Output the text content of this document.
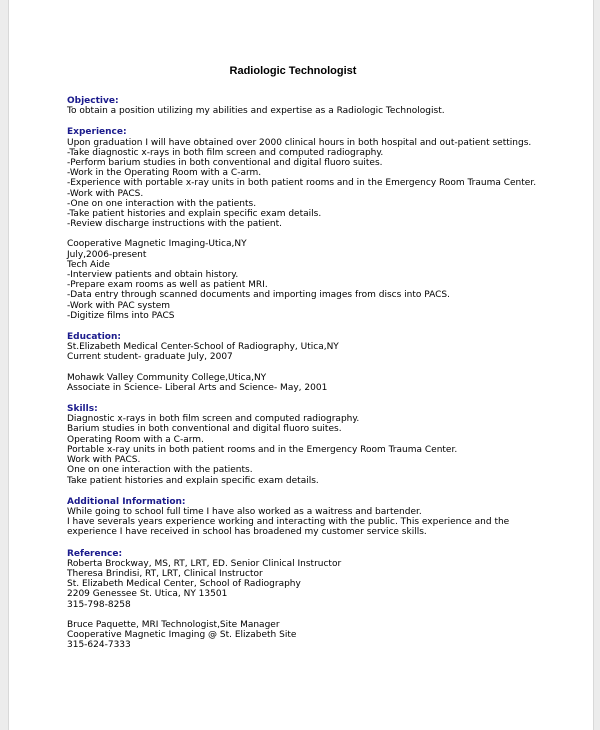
Radiologic Technologist
Objective:
To obtain a position utilizing my abilities and expertise as a Radiologic Technologist.
Experience:
Upon graduation I will have obtained over 2000 clinical hours in both hospital and out-patient settings.
-Take diagnostic x-rays in both film screen and computed radiography.
-Perform barium studies in both conventional and digital fluoro suites.
-Work in the Operating Room with a C-arm.
-Experience with portable x-ray units in both patient rooms and in the Emergency Room Trauma Center.
-Work with PACS.
-One on one interaction with the patients.
-Take patient histories and explain specific exam details.
-Review discharge instructions with the patient.
Cooperative Magnetic Imaging-Utica,NY
July,2006-present
Tech Aide
-Interview patients and obtain history.
-Prepare exam rooms as well as patient MRI.
-Data entry through scanned documents and importing images from discs into PACS.
-Work with PAC system
-Digitize films into PACS
Education:
St.Elizabeth Medical Center-School of Radiography, Utica,NY
Current student- graduate July, 2007
Mohawk Valley Community College,Utica,NY
Associate in Science- Liberal Arts and Science- May, 2001
Skills:
Diagnostic x-rays in both film screen and computed radiography.
Barium studies in both conventional and digital fluoro suites.
Operating Room with a C-arm.
Portable x-ray units in both patient rooms and in the Emergency Room Trauma Center.
Work with PACS.
One on one interaction with the patients.
Take patient histories and explain specific exam details.
Additional Information:
While going to school full time I have also worked as a waitress and bartender.
I have severals years experience working and interacting with the public. This experience and the
experience I have received in school has broadened my customer service skills.
Reference:
Roberta Brockway, MS, RT, LRT, ED. Senior Clinical Instructor
Theresa Brindisi, RT, LRT, Clinical Instructor
St. Elizabeth Medical Center, School of Radiography
2209 Genessee St. Utica, NY 13501
315-798-8258
Bruce Paquette, MRI Technologist,Site Manager
Cooperative Magnetic Imaging @ St. Elizabeth Site
315-624-7333
